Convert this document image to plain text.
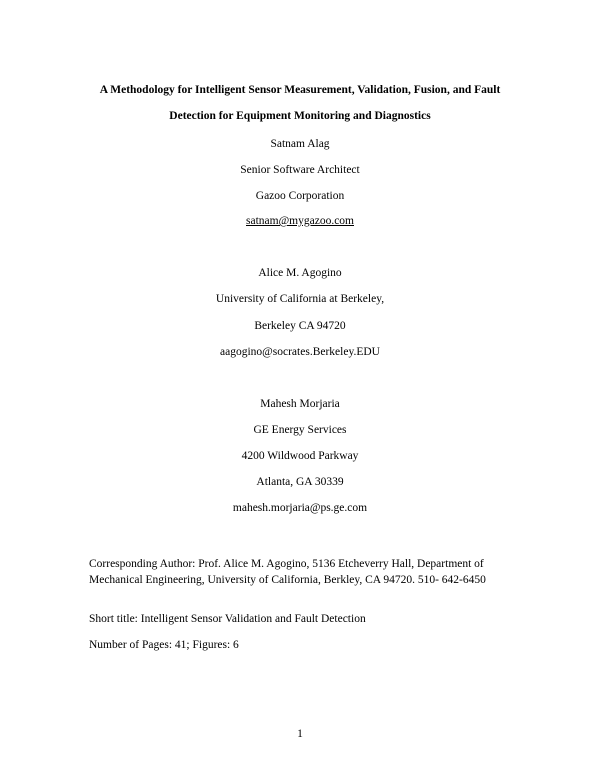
A Methodology for Intelligent Sensor Measurement, Validation, Fusion, and Fault
Detection for Equipment Monitoring and Diagnostics
Satnam Alag
Senior Software Architect
Gazoo Corporation
satnam@mygazoo.com
Alice M. Agogino
University of California at Berkeley,
Berkeley CA 94720
aagogino@socrates.Berkeley.EDU
Mahesh Morjaria
GE Energy Services
4200 Wildwood Parkway
Atlanta, GA 30339
mahesh.morjaria@ps.ge.com
Corresponding Author: Prof. Alice M. Agogino, 5136 Etcheverry Hall, Department of
Mechanical Engineering, University of California, Berkley, CA 94720. 510- 642-6450
Short title: Intelligent Sensor Validation and Fault Detection
Number of Pages: 41; Figures: 6
1
